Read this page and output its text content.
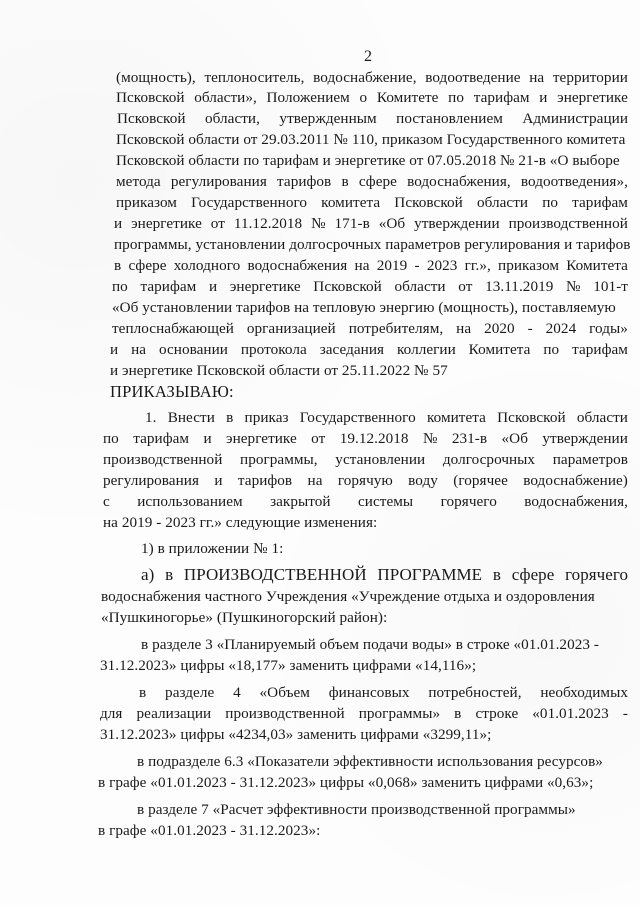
2
(мощность), теплоноситель, водоснабжение, водоотведение на территории
Псковской области», Положением о Комитете по тарифам и энергетике
Псковской области, утвержденным постановлением Администрации
Псковской области от 29.03.2011 № 110, приказом Государственного комитета
Псковской области по тарифам и энергетике от 07.05.2018 № 21-в «О выборе
метода регулирования тарифов в сфере водоснабжения, водоотведения»,
приказом Государственного комитета Псковской области по тарифам
и энергетике от 11.12.2018 № 171-в «Об утверждении производственной
программы, установлении долгосрочных параметров регулирования и тарифов
в сфере холодного водоснабжения на 2019 - 2023 гг.», приказом Комитета
по тарифам и энергетике Псковской области от 13.11.2019 № 101-т
«Об установлении тарифов на тепловую энергию (мощность), поставляемую
теплоснабжающей организацией потребителям, на 2020 - 2024 годы»
и на основании протокола заседания коллегии Комитета по тарифам
и энергетике Псковской области от 25.11.2022 № 57
ПРИКАЗЫВАЮ:
1. Внести в приказ Государственного комитета Псковской области
по тарифам и энергетике от 19.12.2018 № 231-в «Об утверждении
производственной программы, установлении долгосрочных параметров
регулирования и тарифов на горячую воду (горячее водоснабжение)
с использованием закрытой системы горячего водоснабжения,
на 2019 - 2023 гг.» следующие изменения:
1) в приложении № 1:
а) в ПРОИЗВОДСТВЕННОЙ ПРОГРАММЕ в сфере горячего
водоснабжения частного Учреждения «Учреждение отдыха и оздоровления
«Пушкиногорье» (Пушкиногорский район):
в разделе 3 «Планируемый объем подачи воды» в строке «01.01.2023 -
31.12.2023» цифры «18,177» заменить цифрами «14,116»;
в разделе 4 «Объем финансовых потребностей, необходимых
для реализации производственной программы» в строке «01.01.2023 -
31.12.2023» цифры «4234,03» заменить цифрами «3299,11»;
в подразделе 6.3 «Показатели эффективности использования ресурсов»
в графе «01.01.2023 - 31.12.2023» цифры «0,068» заменить цифрами «0,63»;
в разделе 7 «Расчет эффективности производственной программы»
в графе «01.01.2023 - 31.12.2023»:
